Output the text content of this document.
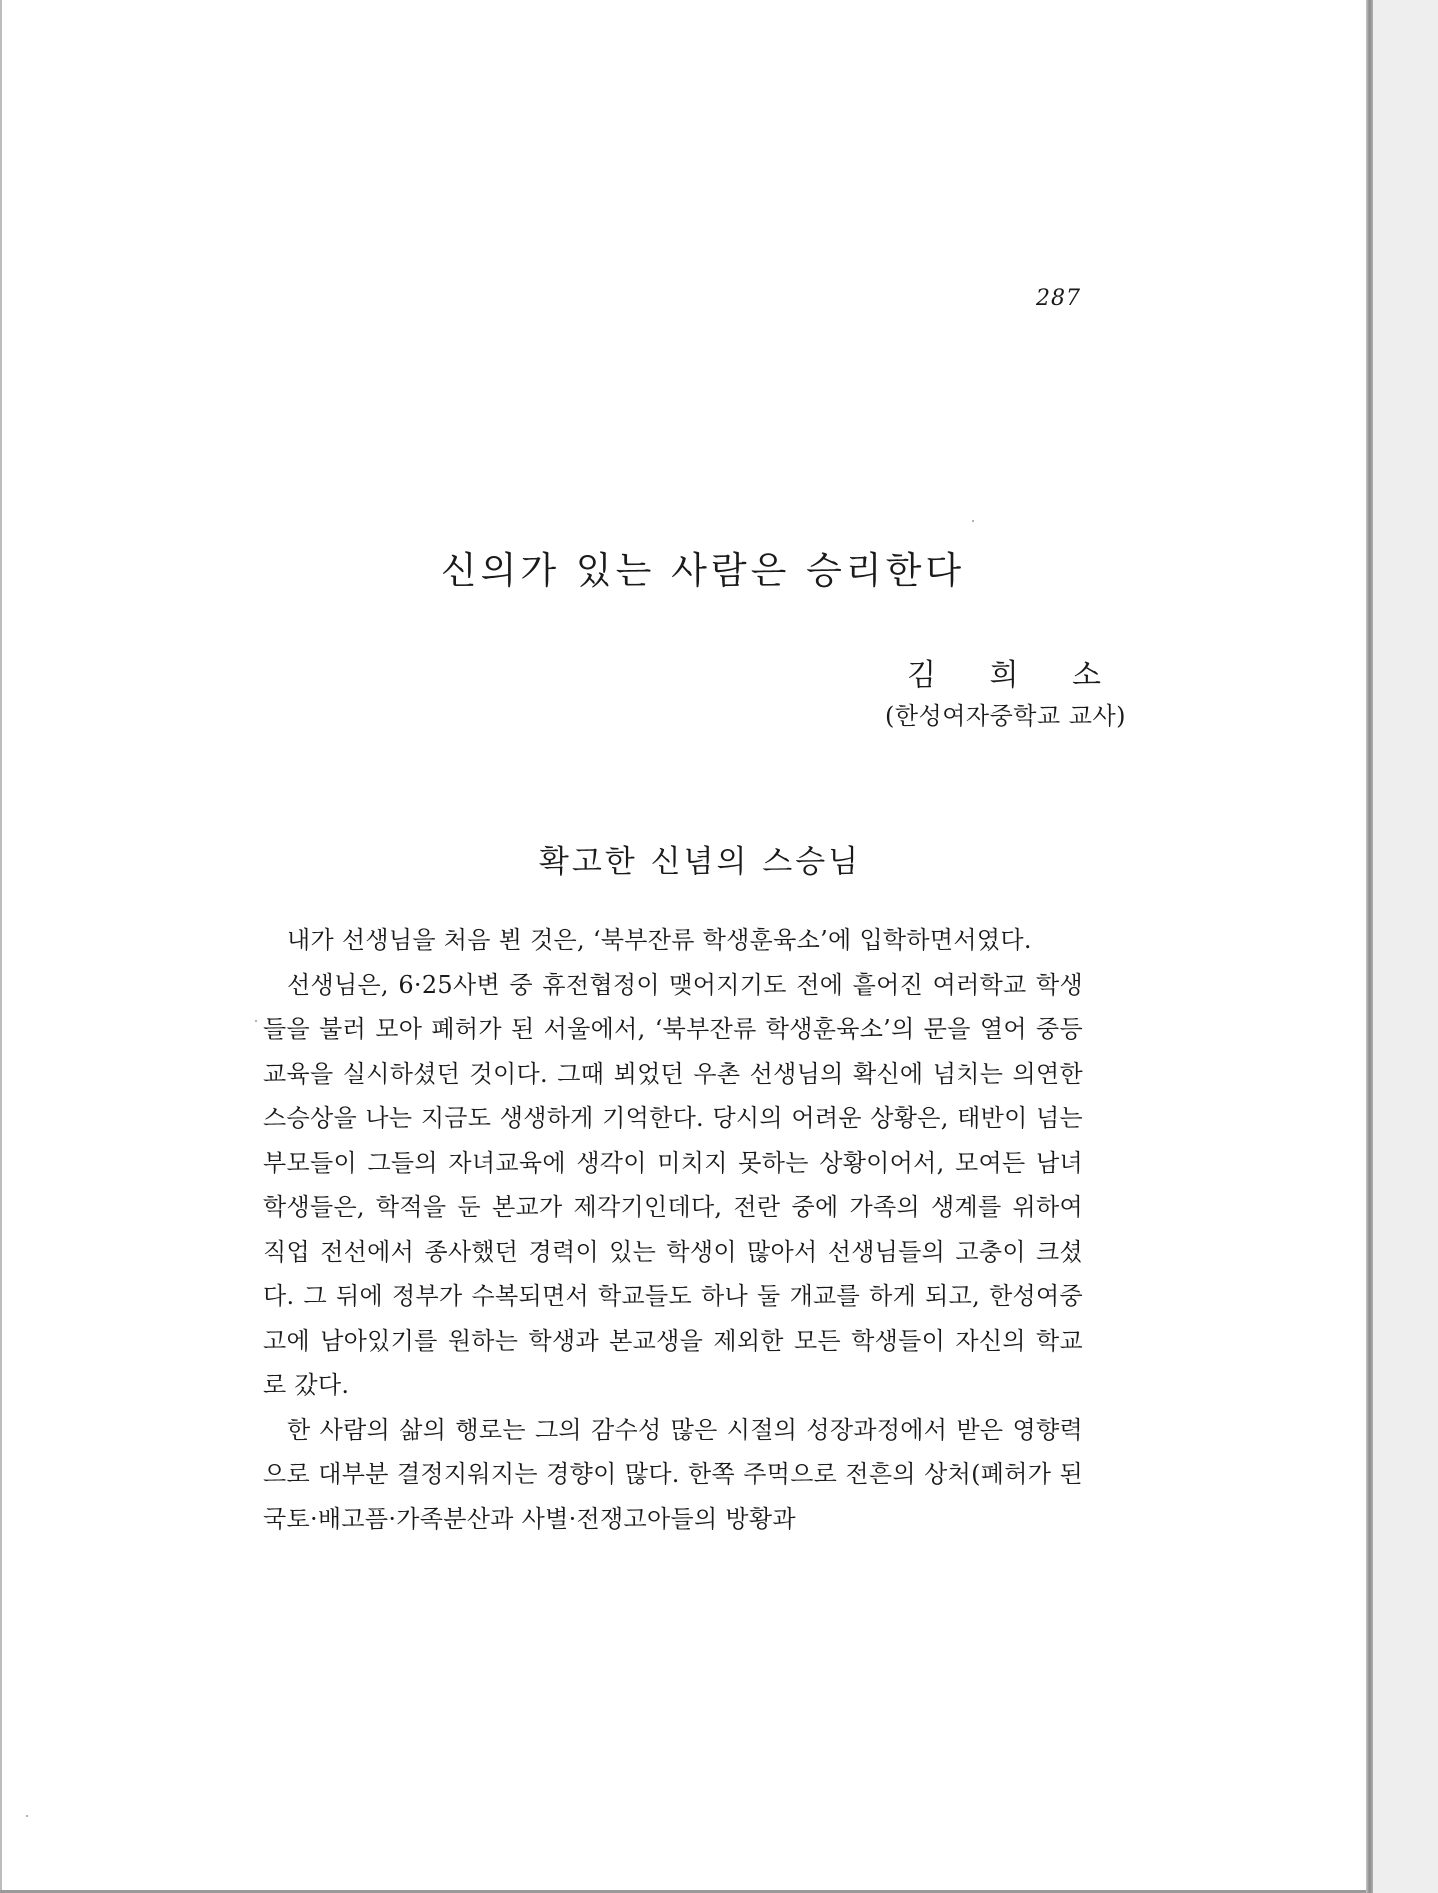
287
신의가 있는 사람은 승리한다
김 희 소
(한성여자중학교 교사)
확고한 신념의 스승님

내가 선생님을 처음 뵌 것은, ‘북부잔류 학생훈육소’에 입학하면서였다.

선생님은, 6·25사변 중 휴전협정이 맺어지기도 전에 흩어진 여러학교 학생들을 불러 모아 폐허가 된 서울에서, ‘북부잔류 학생훈육소’의 문을 열어 중등교육을 실시하셨던 것이다. 그때 뵈었던 우촌 선생님의 확신에 넘치는 의연한 스승상을 나는 지금도 생생하게 기억한다. 당시의 어려운 상황은, 태반이 넘는 부모들이 그들의 자녀교육에 생각이 미치지 못하는 상황이어서, 모여든 남녀 학생들은, 학적을 둔 본교가 제각기인데다, 전란 중에 가족의 생계를 위하여 직업 전선에서 종사했던 경력이 있는 학생이 많아서 선생님들의 고충이 크셨다. 그 뒤에 정부가 수복되면서 학교들도 하나 둘 개교를 하게 되고, 한성여중고에 남아있기를 원하는 학생과 본교생을 제외한 모든 학생들이 자신의 학교로 갔다.

한 사람의 삶의 행로는 그의 감수성 많은 시절의 성장과정에서 받은 영향력으로 대부분 결정지워지는 경향이 많다. 한쪽 주먹으로 전흔의 상처(폐허가 된 국토·배고픔·가족분산과 사별·전쟁고아들의 방황과
